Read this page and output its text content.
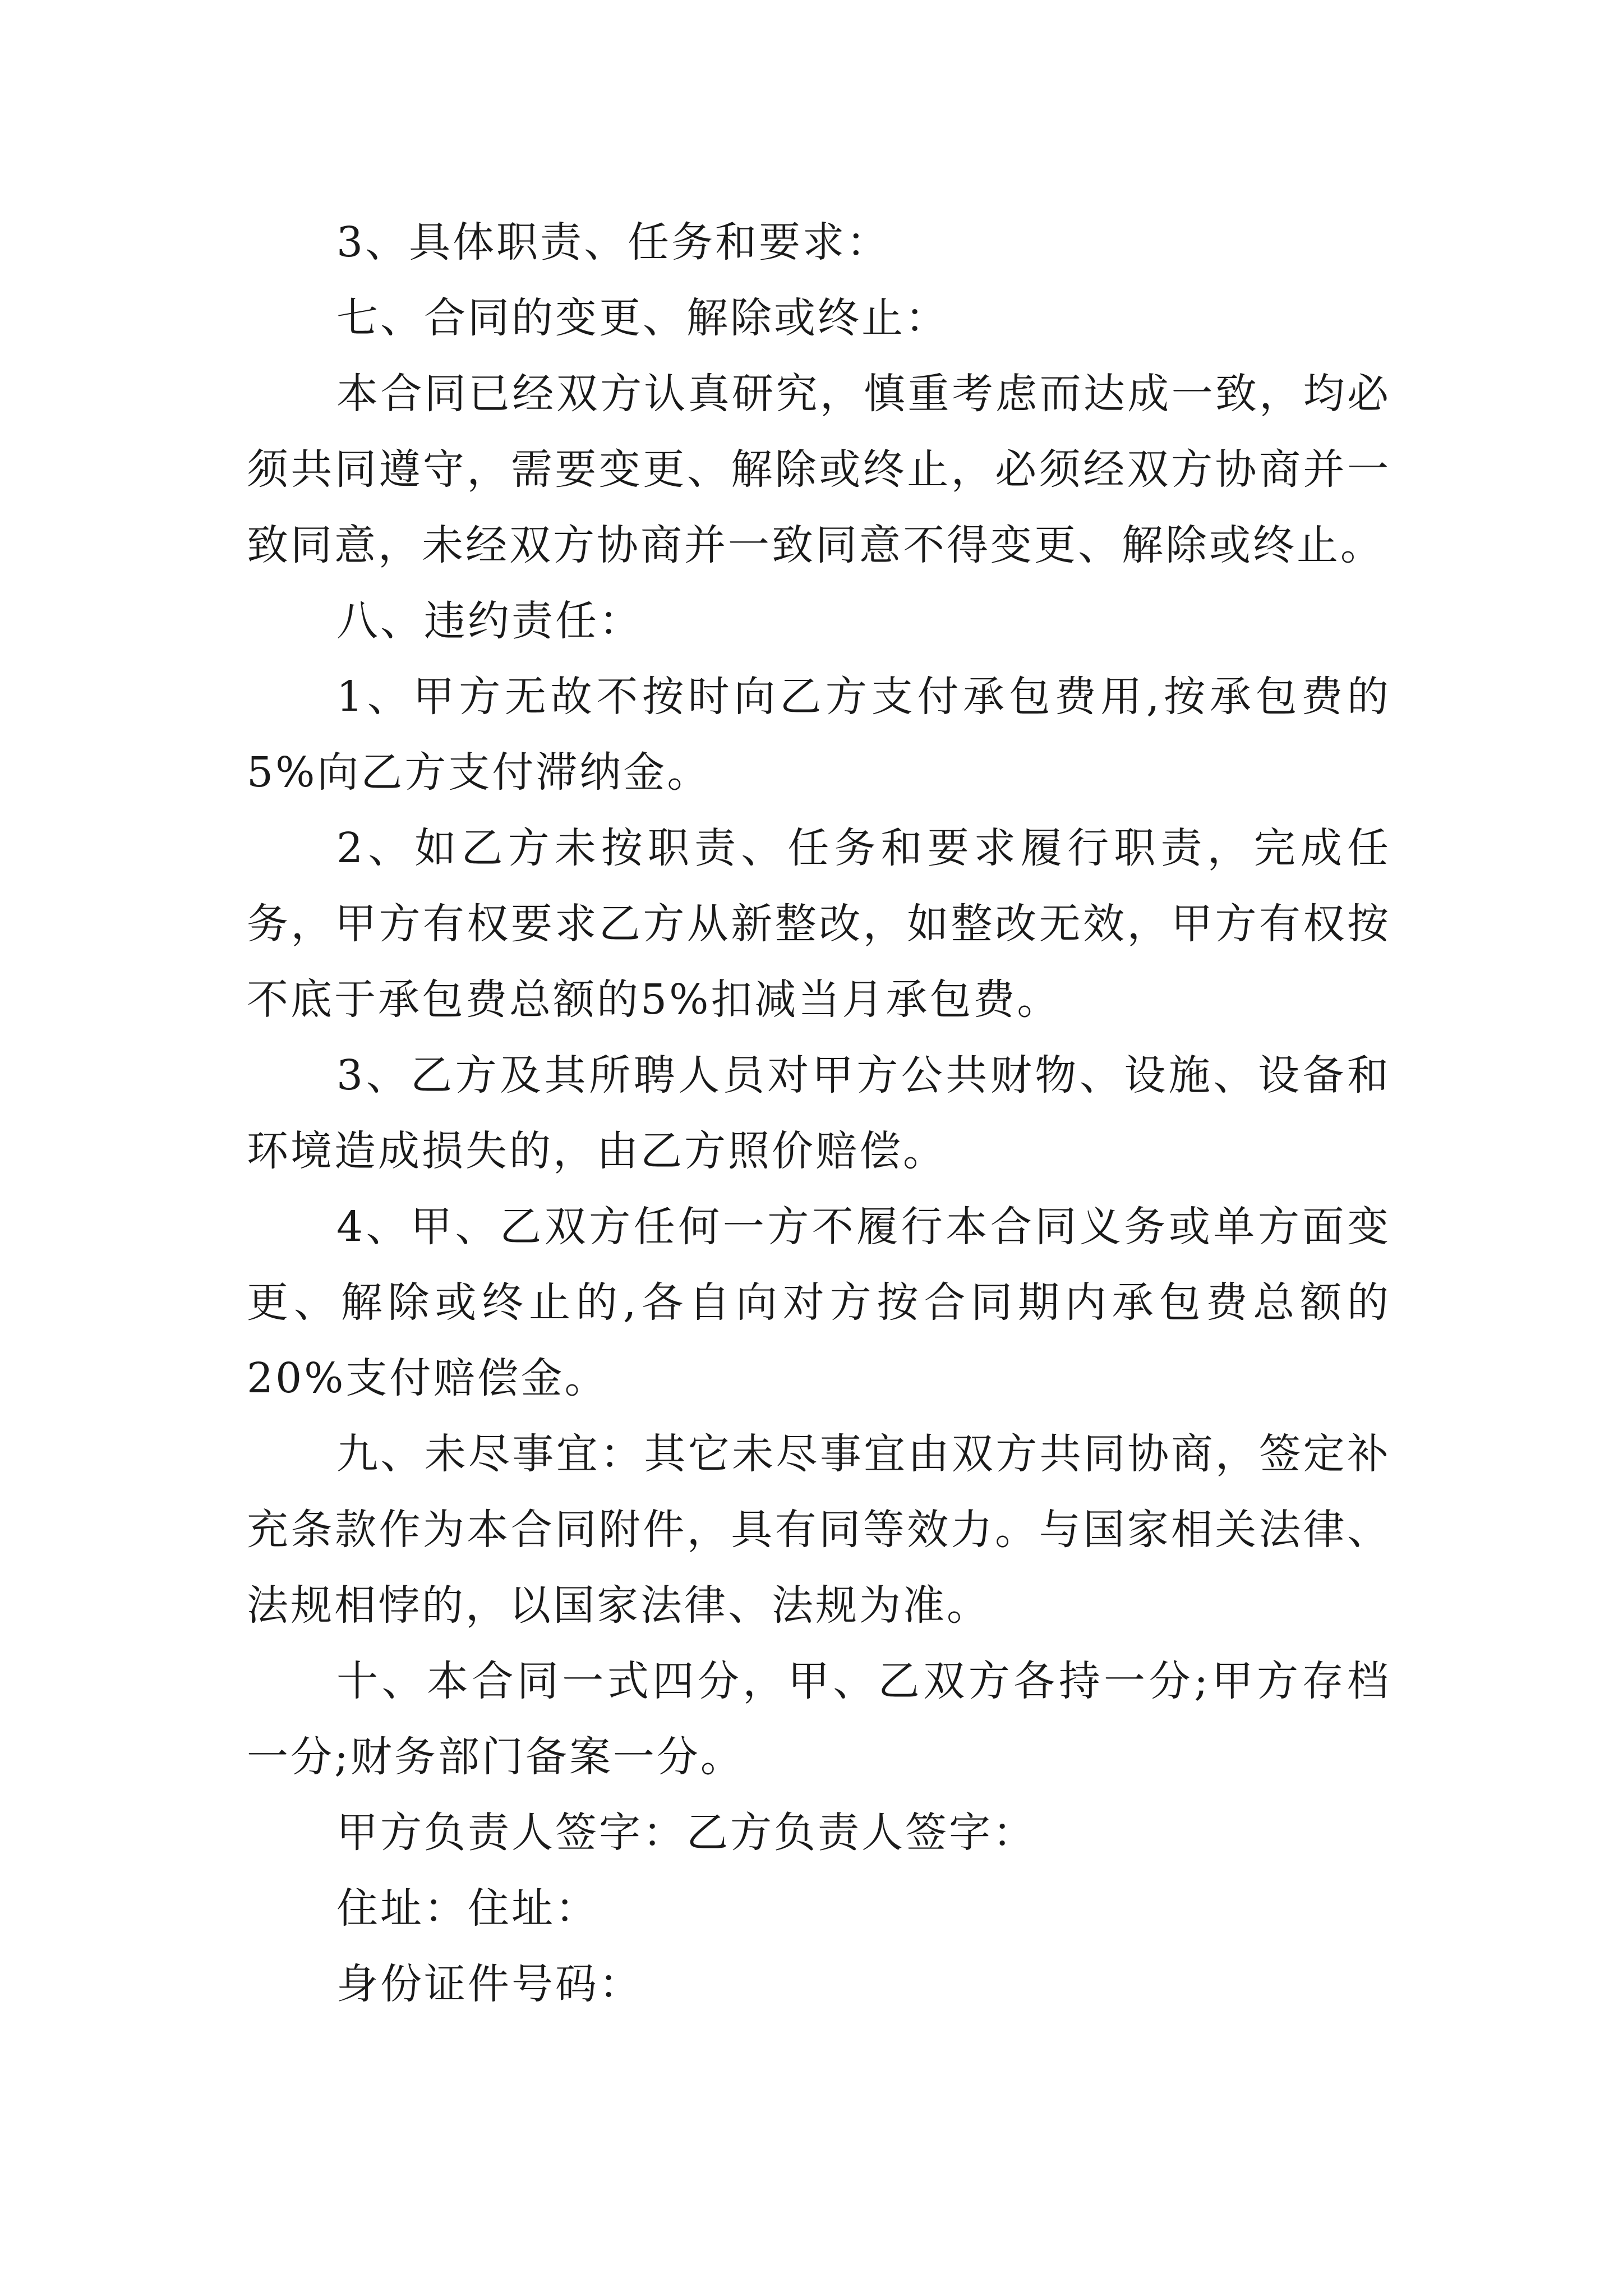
3、具体职责、任务和要求：

七、合同的变更、解除或终止：

本合同已经双方认真研究，慎重考虑而达成一致，均必须共同遵守，需要变更、解除或终止，必须经双方协商并一致同意，未经双方协商并一致同意不得变更、解除或终止。

八、违约责任：

1、甲方无故不按时向乙方支付承包费用,按承包费的5%向乙方支付滞纳金。

2、如乙方未按职责、任务和要求履行职责，完成任务，甲方有权要求乙方从新整改，如整改无效，甲方有权按不底于承包费总额的5%扣减当月承包费。

3、乙方及其所聘人员对甲方公共财物、设施、设备和环境造成损失的，由乙方照价赔偿。

4、甲、乙双方任何一方不履行本合同义务或单方面变更、解除或终止的,各自向对方按合同期内承包费总额的20%支付赔偿金。

九、未尽事宜：其它未尽事宜由双方共同协商，签定补充条款作为本合同附件，具有同等效力。与国家相关法律、法规相悖的，以国家法律、法规为准。

十、本合同一式四分，甲、乙双方各持一分;甲方存档一分;财务部门备案一分。

甲方负责人签字：乙方负责人签字：

住址：住址：

身份证件号码：
